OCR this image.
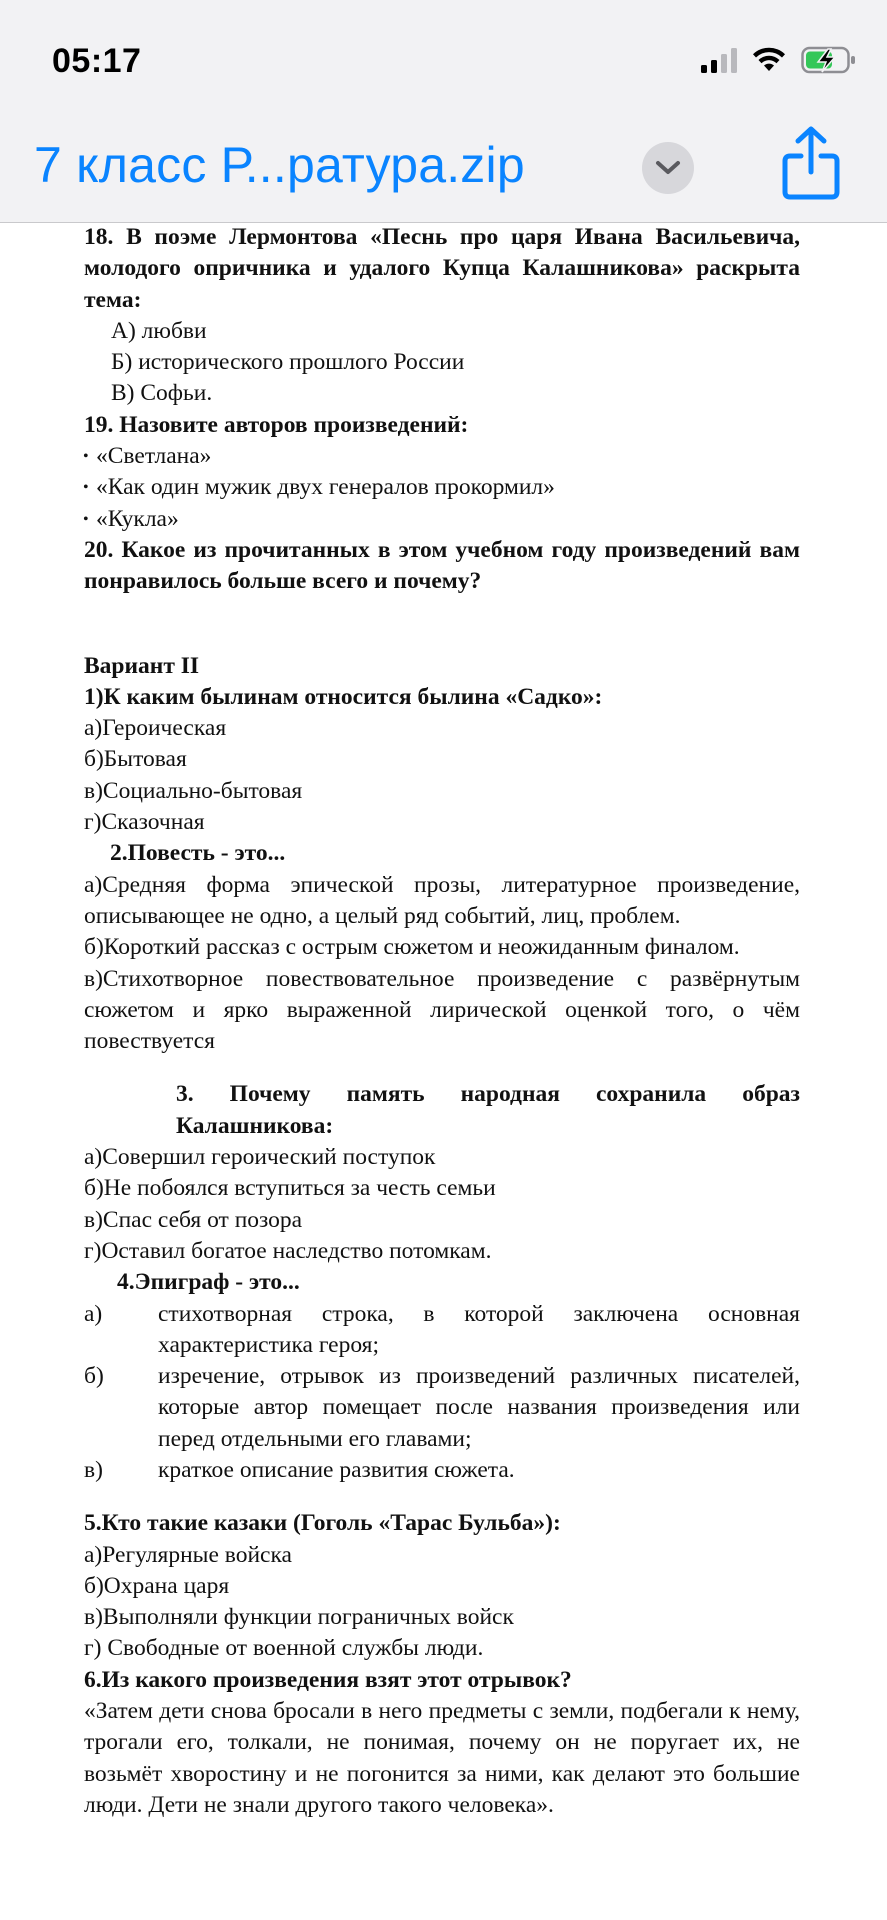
05:17
7 класс Р...ратура.zip

18. В поэме Лермонтова «Песнь про царя Ивана Васильевича, молодого опричника и удалого Купца Калашникова» раскрыта тема:

А) любви

Б) исторического прошлого России

В) Софьи.

19. Назовите авторов произведений:

• «Светлана»

• «Как один мужик двух генералов прокормил»

• «Кукла»

20. Какое из прочитанных в этом учебном году произведений вам понравилось больше всего и почему?

Вариант II

1)К каким былинам относится былина «Садко»:

а)Героическая

б)Бытовая

в)Социально-бытовая

г)Сказочная

2.Повесть - это...

а)Средняя форма эпической прозы, литературное произведение, описывающее не одно, а целый ряд событий, лиц, проблем.

б)Короткий рассказ с острым сюжетом и неожиданным финалом.

в)Стихотворное повествовательное произведение с развёрнутым сюжетом и ярко выраженной лирической оценкой того, о чём повествуется

3. Почему память народная сохранила образ Калашникова:

а)Совершил героический поступок

б)Не побоялся вступиться за честь семьи

в)Спас себя от позора

г)Оставил богатое наследство потомкам.

4.Эпиграф - это...

а)	стихотворная строка, в которой заключена основная характеристика героя;
б)	изречение, отрывок из произведений различных писателей, которые автор помещает после названия произведения или перед отдельными его главами;
в)	краткое описание развития сюжета.

5.Кто такие казаки (Гоголь «Тарас Бульба»):

а)Регулярные войска

б)Охрана царя

в)Выполняли функции пограничных войск

г) Свободные от военной службы люди.

6.Из какого произведения взят этот отрывок?

«Затем дети снова бросали в него предметы с земли, подбегали к нему, трогали его, толкали, не понимая, почему он не поругает их, не возьмёт хворостину и не погонится за ними, как делают это большие люди. Дети не знали другого такого человека».
